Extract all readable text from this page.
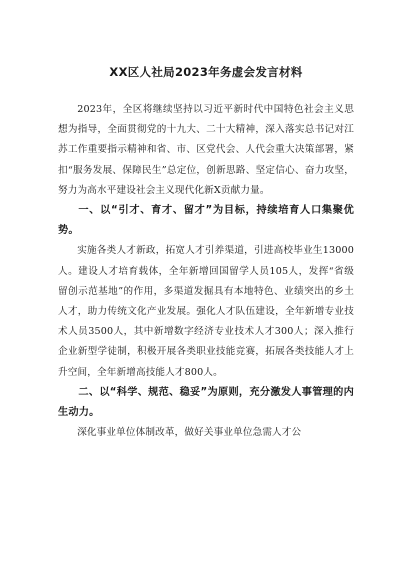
XX区人社局2023年务虚会发言材料

2023年，全区将继续坚持以习近平新时代中国特色社会主义思想为指导，全面贯彻党的十九大、二十大精神，深入落实总书记对江苏工作重要指示精神和省、市、区党代会、人代会重大决策部署，紧扣“服务发展、保障民生”总定位，创新思路、坚定信心、奋力攻坚，努力为高水平建设社会主义现代化新X贡献力量。

一、以“引才、育才、留才”为目标，持续培育人口集聚优势。

实施各类人才新政，拓宽人才引养渠道，引进高校毕业生13000人。建设人才培育载体，全年新增回国留学人员105人，发挥“省级留创示范基地”的作用，多渠道发掘具有本地特色、业绩突出的乡土人才，助力传统文化产业发展。强化人才队伍建设，全年新增专业技术人员3500人，其中新增数字经济专业技术人才300人；深入推行企业新型学徒制，积极开展各类职业技能竞赛，拓展各类技能人才上升空间，全年新增高技能人才800人。

二、以“科学、规范、稳妥”为原则，充分激发人事管理的内生动力。

深化事业单位体制改革，做好关事业单位急需人才公
